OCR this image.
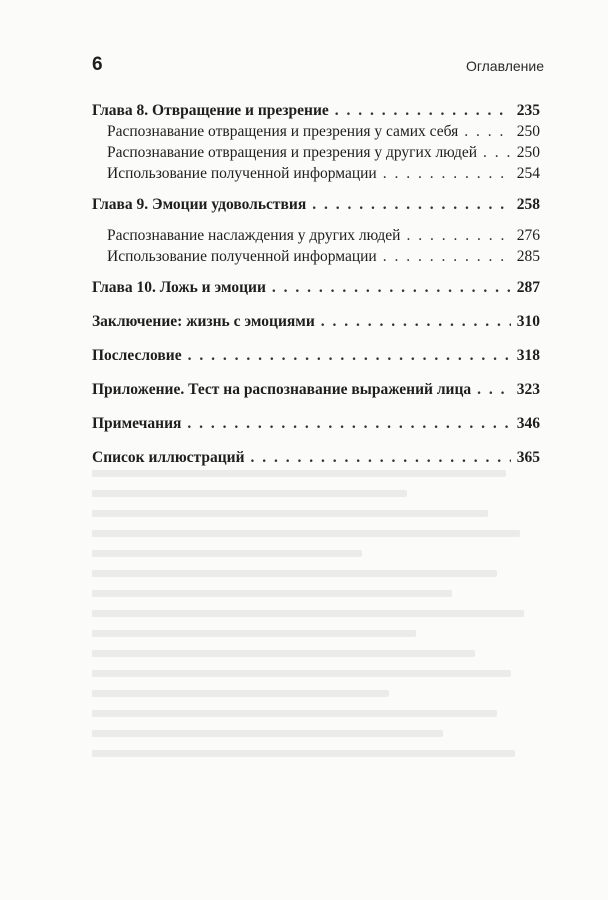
6	Оглавление
Глава 8. Отвращение и презрение . . .	235
Распознавание отвращения и презрения у самих себя . . .	250
Распознавание отвращения и презрения у других людей . . .	250
Использование полученной информации . . .	254
Глава 9. Эмоции удовольствия . . .	258
Распознавание наслаждения у других людей . . .	276
Использование полученной информации . . .	285
Глава 10. Ложь и эмоции . . .	287
Заключение: жизнь с эмоциями . . .	310
Послесловие . . .	318
Приложение. Тест на распознавание выражений лица . . .	323
Примечания . . .	346
Список иллюстраций . . .	365
